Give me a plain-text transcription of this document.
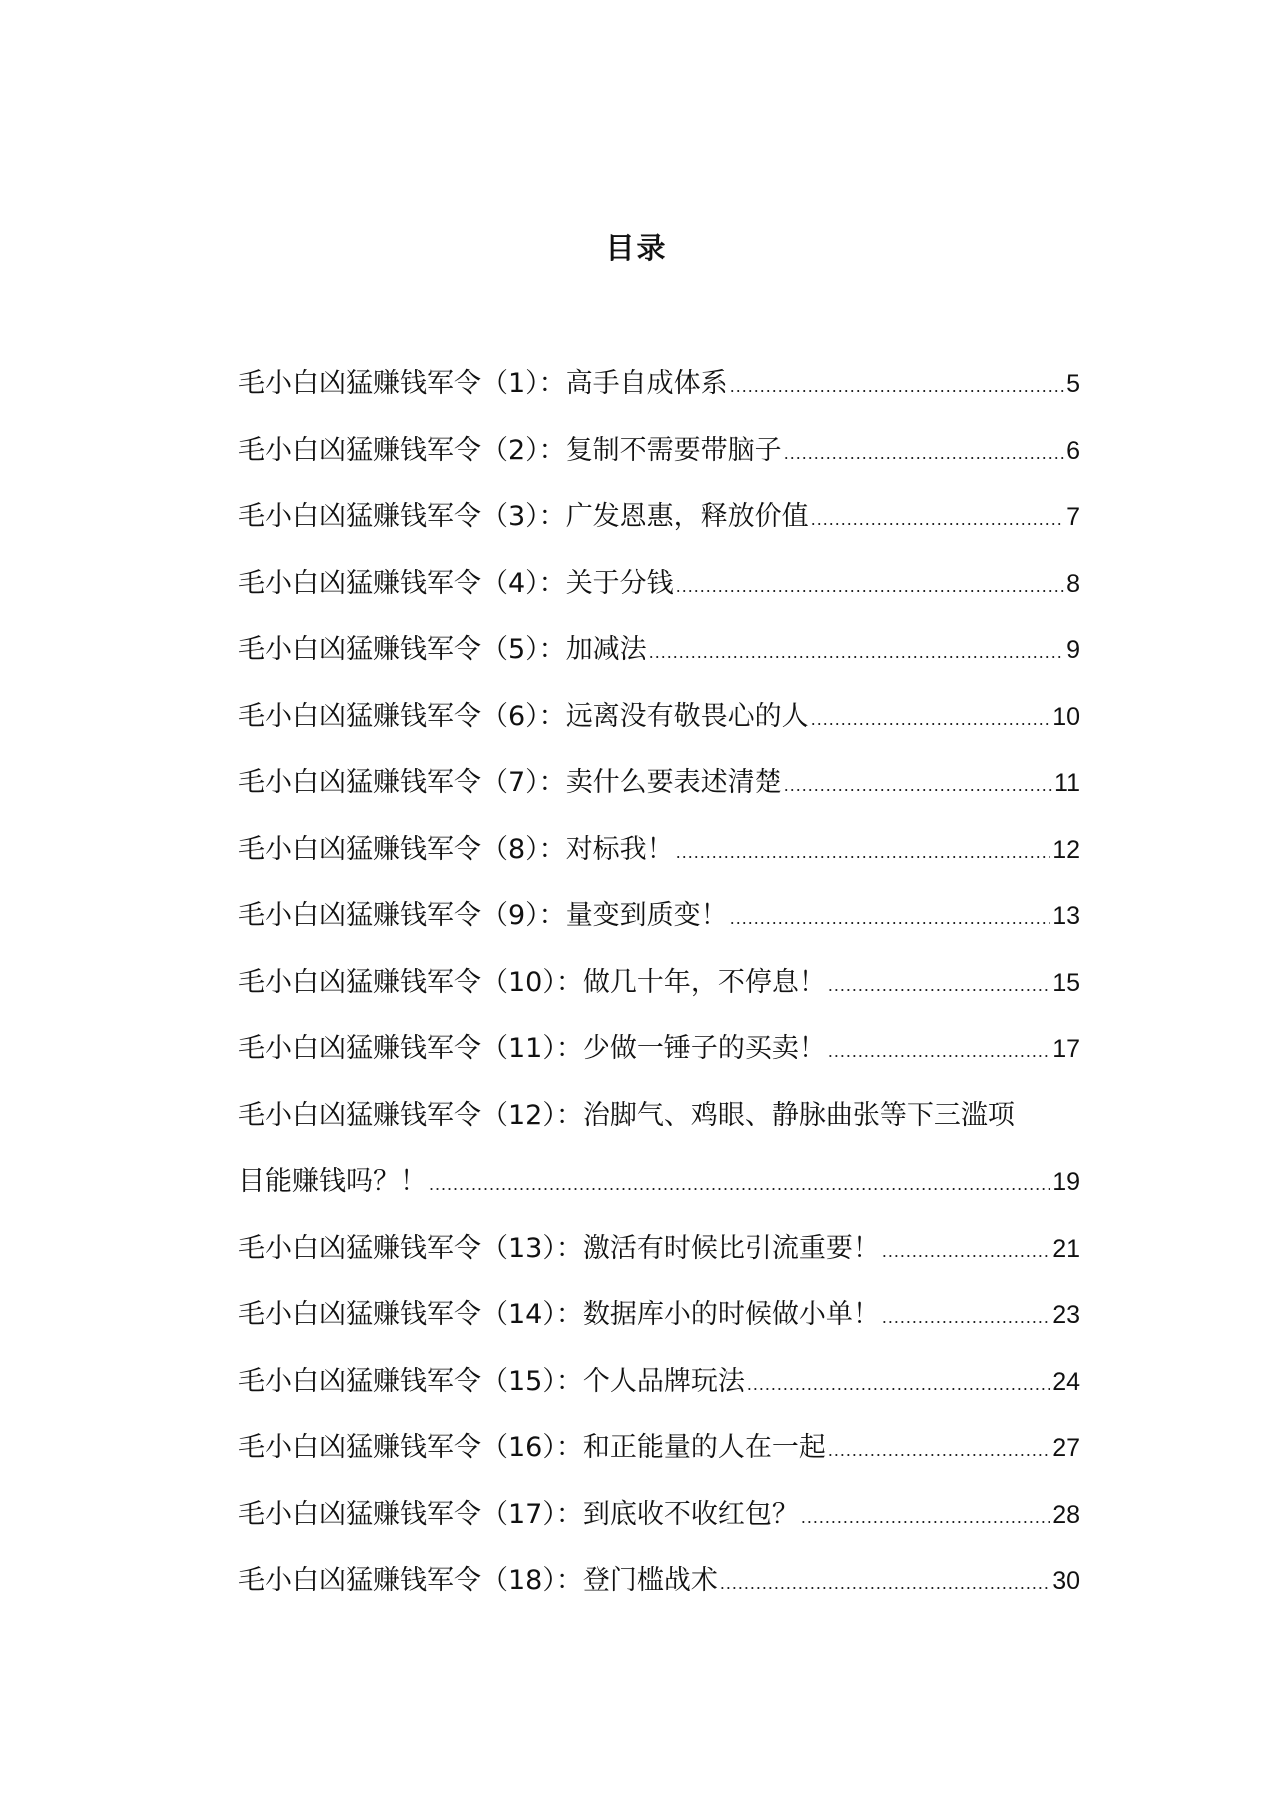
目录
毛小白凶猛赚钱军令（1）： 高手自成体系 .....	5
毛小白凶猛赚钱军令（2）： 复制不需要带脑子 .....	6
毛小白凶猛赚钱军令（3）： 广发恩惠，释放价值 .....	7
毛小白凶猛赚钱军令（4）： 关于分钱 .....	8
毛小白凶猛赚钱军令（5）： 加减法 .....	9
毛小白凶猛赚钱军令（6）： 远离没有敬畏心的人 .....	10
毛小白凶猛赚钱军令（7）： 卖什么要表述清楚 .....	11
毛小白凶猛赚钱军令（8）： 对标我！ .....	12
毛小白凶猛赚钱军令（9）： 量变到质变！ .....	13
毛小白凶猛赚钱军令（10）： 做几十年，不停息！ .....	15
毛小白凶猛赚钱军令（11）： 少做一锤子的买卖！ .....	17
毛小白凶猛赚钱军令（12）：治脚气、鸡眼、静脉曲张等下三滥项
目能赚钱吗？！ .....	19
毛小白凶猛赚钱军令（13）： 激活有时候比引流重要！ .....	21
毛小白凶猛赚钱军令（14）： 数据库小的时候做小单！ .....	23
毛小白凶猛赚钱军令（15）： 个人品牌玩法 .....	24
毛小白凶猛赚钱军令（16）： 和正能量的人在一起 .....	27
毛小白凶猛赚钱军令（17）： 到底收不收红包？ .....	28
毛小白凶猛赚钱军令（18）： 登门槛战术 .....	30
